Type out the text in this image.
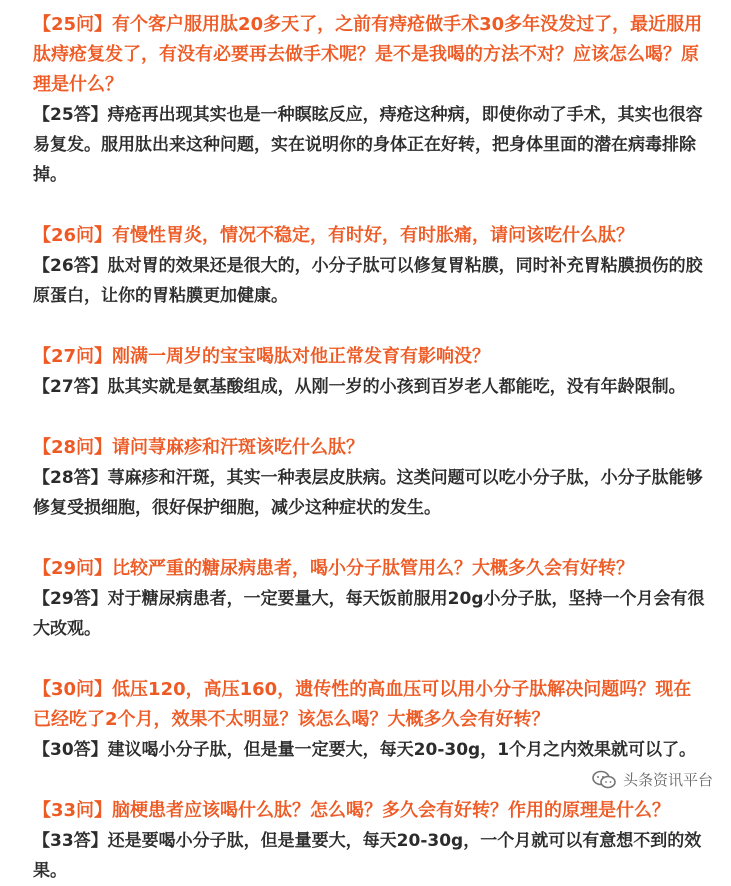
【25问】有个客户服用肽20多天了，之前有痔疮做手术30多年没发过了，最近服用肽痔疮复发了，有没有必要再去做手术呢？是不是我喝的方法不对？应该怎么喝？原理是什么？

【25答】痔疮再出现其实也是一种瞑眩反应，痔疮这种病，即使你动了手术，其实也很容易复发。服用肽出来这种问题，实在说明你的身体正在好转，把身体里面的潜在病毒排除掉。

【26问】有慢性胃炎，情况不稳定，有时好，有时胀痛，请问该吃什么肽？

【26答】肽对胃的效果还是很大的，小分子肽可以修复胃粘膜，同时补充胃粘膜损伤的胶原蛋白，让你的胃粘膜更加健康。

【27问】刚满一周岁的宝宝喝肽对他正常发育有影响没？

【27答】肽其实就是氨基酸组成，从刚一岁的小孩到百岁老人都能吃，没有年龄限制。

【28问】请问荨麻疹和汗斑该吃什么肽？

【28答】荨麻疹和汗斑，其实一种表层皮肤病。这类问题可以吃小分子肽，小分子肽能够修复受损细胞，很好保护细胞，减少这种症状的发生。

【29问】比较严重的糖尿病患者，喝小分子肽管用么？大概多久会有好转？

【29答】对于糖尿病患者，一定要量大，每天饭前服用20g小分子肽，坚持一个月会有很大改观。

【30问】低压120，高压160，遗传性的高血压可以用小分子肽解决问题吗？现在已经吃了2个月，效果不太明显？该怎么喝？大概多久会有好转？

【30答】建议喝小分子肽，但是量一定要大，每天20-30g，1个月之内效果就可以了。

【33问】脑梗患者应该喝什么肽？怎么喝？多久会有好转？作用的原理是什么？

【33答】还是要喝小分子肽，但是量要大，每天20-30g，一个月就可以有意想不到的效果。

头条资讯平台
